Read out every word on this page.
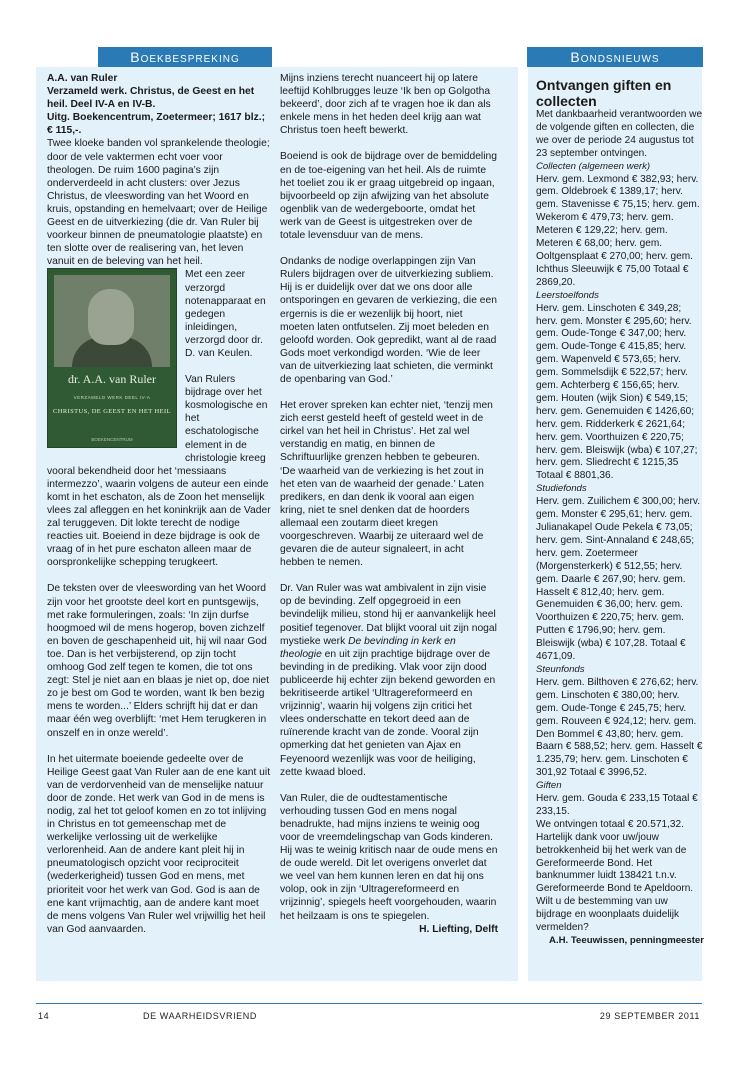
Boekbespreking	Bondsnieuws

A.A. van Ruler

Verzameld werk. Christus, de Geest en het heil. Deel IV-A en IV-B.

Uitg. Boekencentrum, Zoetermeer; 1617 blz.; € 115,-.

Twee kloeke banden vol sprankelende theologie; door de vele vaktermen echt voer voor theologen. De ruim 1600 pagina’s zijn onderverdeeld in acht clusters: over Jezus Christus, de vleeswording van het Woord en kruis, opstanding en hemelvaart; over de Heilige Geest en de uitverkiezing (die dr. Van Ruler bij voorkeur binnen de pneumatologie plaatste) en ten slotte over de realisering van, het leven vanuit en de beleving van het heil.

dr. A.A. van Ruler
VERZAMELD WERK DEEL IV-A
CHRISTUS, DE GEEST EN HET HEIL
BOEKENCENTRUM

Met een zeer verzorgd notenapparaat en gedegen inleidingen, verzorgd door dr. D. van Keulen.

Van Rulers bijdrage over het kosmologische en het eschatologische element in de christologie kreeg vooral bekendheid door het ‘messiaans intermezzo’, waarin volgens de auteur een einde komt in het eschaton, als de Zoon het menselijk vlees zal afleggen en het koninkrijk aan de Vader zal teruggeven. Dit lokte terecht de nodige reacties uit. Boeiend in deze bijdrage is ook de vraag of in het pure eschaton alleen maar de oorspronkelijke schepping terugkeert.

De teksten over de vleeswording van het Woord zijn voor het grootste deel kort en puntsgewijs, met rake formuleringen, zoals: ‘In zijn durfse hoogmoed wil de mens hogerop, boven zichzelf en boven de geschapenheid uit, hij wil naar God toe. Dan is het verbijsterend, op zijn tocht omhoog God zelf tegen te komen, die tot ons zegt: Stel je niet aan en blaas je niet op, doe niet zo je best om God te worden, want Ik ben bezig mens te worden...’ Elders schrijft hij dat er dan maar één weg overblijft: ‘met Hem terugkeren in onszelf en in onze wereld’.

In het uitermate boeiende gedeelte over de Heilige Geest gaat Van Ruler aan de ene kant uit van de verdorvenheid van de menselijke natuur door de zonde. Het werk van God in de mens is nodig, zal het tot geloof komen en zo tot inlijving in Christus en tot gemeenschap met de werkelijke verlossing uit de werkelijke verlorenheid. Aan de andere kant pleit hij in pneumatologisch opzicht voor reciprociteit (wederkerigheid) tussen God en mens, met prioriteit voor het werk van God. God is aan de ene kant vrijmachtig, aan de andere kant moet de mens volgens Van Ruler wel vrijwillig het heil van God aanvaarden.

Mijns inziens terecht nuanceert hij op latere leeftijd Kohlbrugges leuze ‘Ik ben op Golgotha bekeerd’, door zich af te vragen hoe ik dan als enkele mens in het heden deel krijg aan wat Christus toen heeft bewerkt.

Boeiend is ook de bijdrage over de bemiddeling en de toe-eigening van het heil. Als de ruimte het toeliet zou ik er graag uitgebreid op ingaan, bijvoorbeeld op zijn afwijzing van het absolute ogenblik van de wedergeboorte, omdat het werk van de Geest is uitgestreken over de totale levensduur van de mens.

Ondanks de nodige overlappingen zijn Van Rulers bijdragen over de uitverkiezing subliem. Hij is er duidelijk over dat we ons door alle ontsporingen en gevaren de verkiezing, die een ergernis is die er wezenlijk bij hoort, niet moeten laten ontfutselen. Zij moet beleden en geloofd worden. Ook gepredikt, want al de raad Gods moet verkondigd worden. ‘Wie de leer van de uitverkiezing laat schieten, die verminkt de openbaring van God.’

Het erover spreken kan echter niet, ‘tenzij men zich eerst gesteld heeft of gesteld weet in de cirkel van het heil in Christus’. Het zal wel verstandig en matig, en binnen de Schriftuurlijke grenzen hebben te gebeuren. ‘De waarheid van de verkiezing is het zout in het eten van de waarheid der genade.’ Laten predikers, en dan denk ik vooral aan eigen kring, niet te snel denken dat de hoorders allemaal een zoutarm dieet kregen voorgeschreven. Waarbij ze uiteraard wel de gevaren die de auteur signaleert, in acht hebben te nemen.

Dr. Van Ruler was wat ambivalent in zijn visie op de bevinding. Zelf opgegroeid in een bevindelijk milieu, stond hij er aanvankelijk heel positief tegenover. Dat blijkt vooral uit zijn nogal mystieke werk De bevinding in kerk en theologie en uit zijn prachtige bijdrage over de bevinding in de prediking. Vlak voor zijn dood publiceerde hij echter zijn bekend geworden en bekritiseerde artikel ‘Ultragereformeerd en vrijzinnig’, waarin hij volgens zijn critici het vlees onderschatte en tekort deed aan de ruïnerende kracht van de zonde. Vooral zijn opmerking dat het genieten van Ajax en Feyenoord wezenlijk was voor de heiliging, zette kwaad bloed.

Van Ruler, die de oudtestamentische verhouding tussen God en mens nogal benadrukte, had mijns inziens te weinig oog voor de vreemdelingschap van Gods kinderen. Hij was te weinig kritisch naar de oude mens en de oude wereld. Dit let overigens onverlet dat we veel van hem kunnen leren en dat hij ons volop, ook in zijn ‘Ultragereformeerd en vrijzinnig’, spiegels heeft voorgehouden, waarin het heilzaam is ons te spiegelen.

H. Liefting, Delft

Ontvangen giften en collecten

Met dankbaarheid verantwoorden we de volgende giften en collecten, die we over de periode 24 augustus tot 23 september ontvingen.

Collecten (algemeen werk)

Herv. gem. Lexmond € 382,93; herv. gem. Oldebroek € 1389,17; herv. gem. Stavenisse € 75,15; herv. gem. Wekerom € 479,73; herv. gem. Meteren € 129,22; herv. gem. Meteren € 68,00; herv. gem. Ooltgensplaat € 270,00; herv. gem. Ichthus Sleeuwijk € 75,00 Totaal € 2869,20.

Leerstoelfonds

Herv. gem. Linschoten € 349,28; herv. gem. Monster € 295,60; herv. gem. Oude-Tonge € 347,00; herv. gem. Oude-Tonge € 415,85; herv. gem. Wapenveld € 573,65; herv. gem. Sommelsdijk € 522,57; herv. gem. Achterberg € 156,65; herv. gem. Houten (wijk Sion) € 549,15; herv. gem. Genemuiden € 1426,60; herv. gem. Ridderkerk € 2621,64; herv. gem. Voorthuizen € 220,75; herv. gem. Bleiswijk (wba) € 107,27; herv. gem. Sliedrecht € 1215,35 Totaal € 8801,36.

Studiefonds

Herv. gem. Zuilichem € 300,00; herv. gem. Monster € 295,61; herv. gem. Julianakapel Oude Pekela € 73,05; herv. gem. Sint-Annaland € 248,65; herv. gem. Zoetermeer (Morgensterkerk) € 512,55; herv. gem. Daarle € 267,90; herv. gem. Hasselt € 812,40; herv. gem. Genemuiden € 36,00; herv. gem. Voorthuizen € 220,75; herv. gem. Putten € 1796,90; herv. gem. Bleiswijk (wba) € 107,28. Totaal € 4671,09.

Steunfonds

Herv. gem. Bilthoven € 276,62; herv. gem. Linschoten € 380,00; herv. gem. Oude-Tonge € 245,75; herv. gem. Rouveen € 924,12; herv. gem. Den Bommel € 43,80; herv. gem. Baarn € 588,52; herv. gem. Hasselt € 1.235,79; herv. gem. Linschoten € 301,92 Totaal € 3996,52.

Giften

Herv. gem. Gouda € 233,15 Totaal € 233,15.

We ontvingen totaal € 20.571,32. Hartelijk dank voor uw/jouw betrokkenheid bij het werk van de Gereformeerde Bond. Het banknummer luidt 138421 t.n.v. Gereformeerde Bond te Apeldoorn. Wilt u de bestemming van uw bijdrage en woonplaats duidelijk vermelden?

A.H. Teeuwissen, penningmeester

14	DE WAARHEIDSVRIEND	29 SEPTEMBER 2011
